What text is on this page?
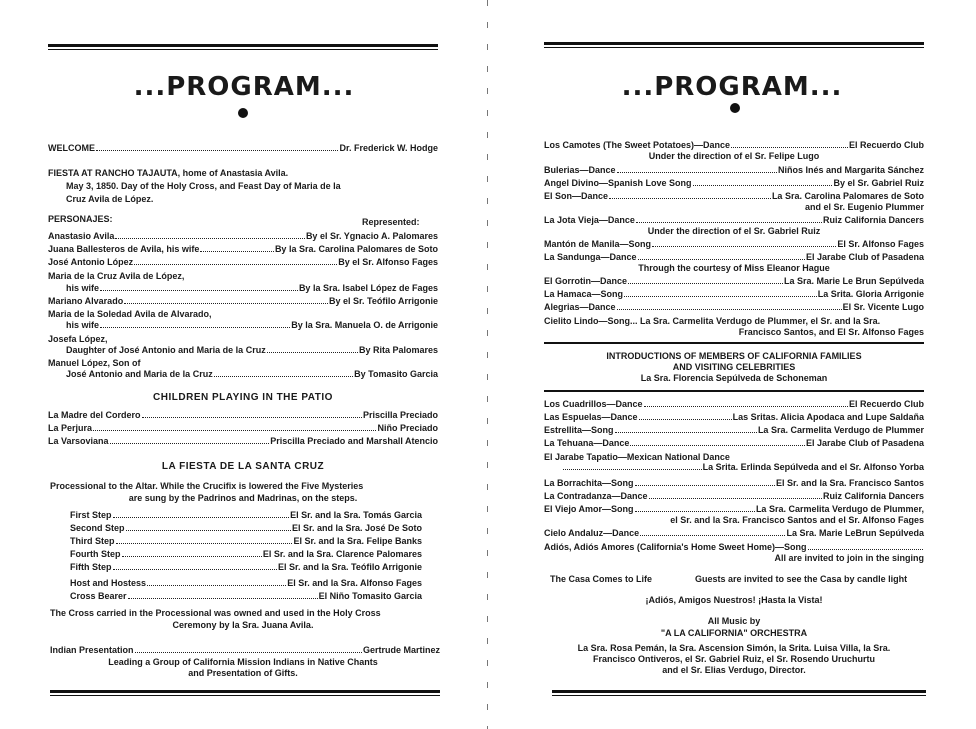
...PROGRAM...
WELCOME	Dr. Frederick W. Hodge
FIESTA AT RANCHO TAJAUTA, home of Anastasia Avila.
May 3, 1850. Day of the Holy Cross, and Feast Day of Maria de la
Cruz Avila de López.
PERSONAJES:	Represented:
Anastasio Avila	By el Sr. Ygnacio A. Palomares
Juana Ballesteros de Avila, his wife	By la Sra. Carolina Palomares de Soto
José Antonio López	By el Sr. Alfonso Fages
Maria de la Cruz Avila de López,
his wife	By la Sra. Isabel López de Fages
Mariano Alvarado	By el Sr. Teófilo Arrigonie
Maria de la Soledad Avila de Alvarado,
his wife	By la Sra. Manuela O. de Arrigonie
Josefa López,
Daughter of José Antonio and Maria de la Cruz	By Rita Palomares
Manuel López, Son of
José Antonio and Maria de la Cruz	By Tomasito Garcia
CHILDREN PLAYING IN THE PATIO
La Madre del Cordero	Priscilla Preciado
La Perjura	Niño Preciado
La Varsoviana	Priscilla Preciado and Marshall Atencio
LA FIESTA DE LA SANTA CRUZ
Processional to the Altar. While the Crucifix is lowered the Five Mysteries
are sung by the Padrinos and Madrinas, on the steps.
First Step	El Sr. and la Sra. Tomás Garcia
Second Step	El Sr. and la Sra. José De Soto
Third Step	El Sr. and la Sra. Felipe Banks
Fourth Step	El Sr. and la Sra. Clarence Palomares
Fifth Step	El Sr. and la Sra. Teófilo Arrigonie
Host and Hostess	El Sr. and la Sra. Alfonso Fages
Cross Bearer	El Niño Tomasito Garcia
The Cross carried in the Processional was owned and used in the Holy Cross
Ceremony by la Sra. Juana Avila.
Indian Presentation	Gertrude Martinez
Leading a Group of California Mission Indians in Native Chants
and Presentation of Gifts.
...PROGRAM...
Los Camotes (The Sweet Potatoes)—Dance	El Recuerdo Club
Under the direction of el Sr. Felipe Lugo
Bulerias—Dance	Niños Inés and Margarita Sánchez
Angel Divino—Spanish Love Song	By el Sr. Gabriel Ruiz
El Son—Dance	La Sra. Carolina Palomares de Soto
and el Sr. Eugenio Plummer
La Jota Vieja—Dance	Ruiz California Dancers
Under the direction of el Sr. Gabriel Ruiz
Mantón de Manila—Song	El Sr. Alfonso Fages
La Sandunga—Dance	El Jarabe Club of Pasadena
Through the courtesy of Miss Eleanor Hague
El Gorrotin—Dance	La Sra. Marie Le Brun Sepúlveda
La Hamaca—Song	La Srita. Gloria Arrigonie
Alegrias—Dance	El Sr. Vicente Lugo
Cielito Lindo—Song... La Sra. Carmelita Verdugo de Plummer, el Sr. and la Sra.
Francisco Santos, and El Sr. Alfonso Fages
INTRODUCTIONS OF MEMBERS OF CALIFORNIA FAMILIES
AND VISITING CELEBRITIES
La Sra. Florencia Sepúlveda de Schoneman
Los Cuadrillos—Dance	El Recuerdo Club
Las Espuelas—Dance	Las Sritas. Alicia Apodaca and Lupe Saldaña
Estrellita—Song	La Sra. Carmelita Verdugo de Plummer
La Tehuana—Dance	El Jarabe Club of Pasadena
El Jarabe Tapatio—Mexican National Dance
La Srita. Erlinda Sepúlveda and el Sr. Alfonso Yorba
La Borrachita—Song	El Sr. and la Sra. Francisco Santos
La Contradanza—Dance	Ruiz California Dancers
El Viejo Amor—Song	La Sra. Carmelita Verdugo de Plummer,
el Sr. and la Sra. Francisco Santos and el Sr. Alfonso Fages
Cielo Andaluz—Dance	La Sra. Marie LeBrun Sepúlveda
Adiós, Adiós Amores (California's Home Sweet Home)—Song
All are invited to join in the singing
The Casa Comes to Life	Guests are invited to see the Casa by candle light
¡Adiós, Amigos Nuestros! ¡Hasta la Vista!
All Music by
"A LA CALIFORNIA" ORCHESTRA
La Sra. Rosa Pemán, la Sra. Ascension Simón, la Srita. Luisa Villa, la Sra.
Francisco Ontiveros, el Sr. Gabriel Ruiz, el Sr. Rosendo Uruchurtu
and el Sr. Elias Verdugo, Director.
